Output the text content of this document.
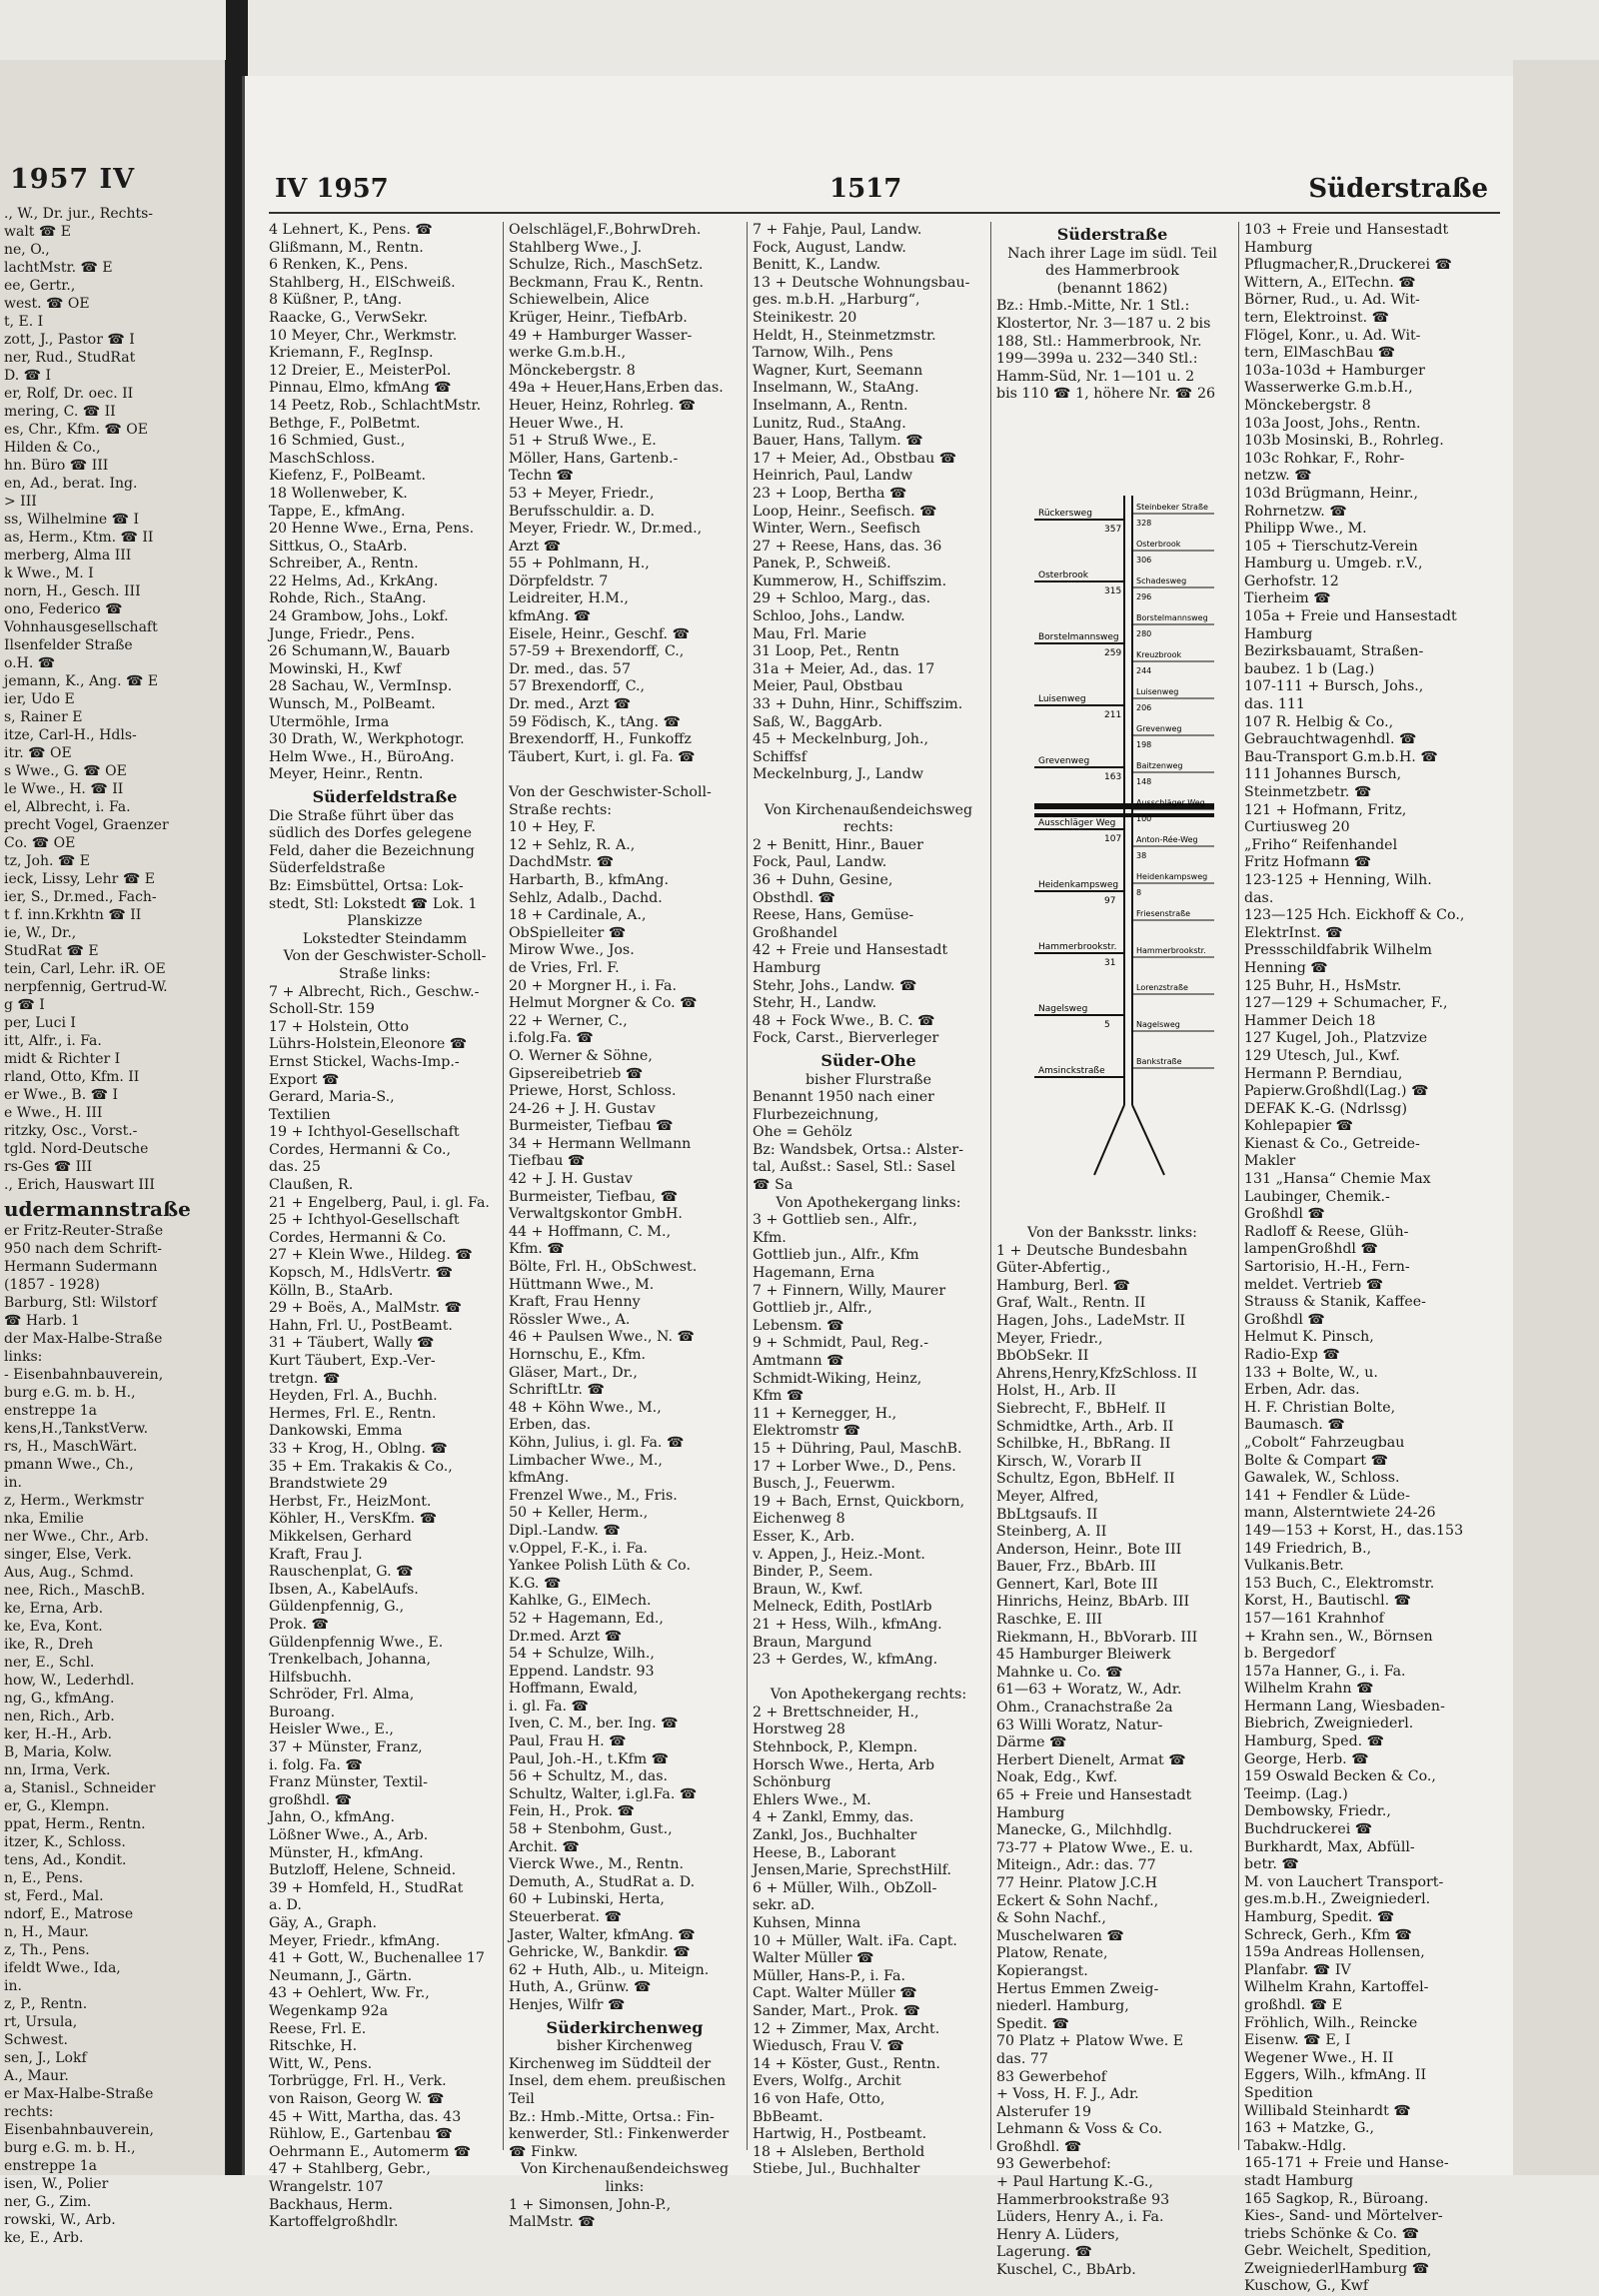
1957 IV
., W., Dr. jur., Rechts-
walt ☎ E
ne, O.,
lachtMstr. ☎ E
ee, Gertr.,
west. ☎ OE
t, E. I
zott, J., Pastor ☎ I
ner, Rud., StudRat
D. ☎ I
er, Rolf, Dr. oec. II
mering, C. ☎ II
es, Chr., Kfm. ☎ OE
Hilden & Co.,
hn. Büro ☎ III
en, Ad., berat. Ing.
> III
ss, Wilhelmine ☎ I
as, Herm., Ktm. ☎ II
merberg, Alma III
k Wwe., M. I
norn, H., Gesch. III
ono, Federico ☎
Vohnhausgesellschaft
Ilsenfelder Straße
o.H. ☎
jemann, K., Ang. ☎ E
ier, Udo E
s, Rainer E
itze, Carl-H., Hdls-
itr. ☎ OE
s Wwe., G. ☎ OE
le Wwe., H. ☎ II
el, Albrecht, i. Fa.
precht Vogel, Graenzer
Co. ☎ OE
tz, Joh. ☎ E
ieck, Lissy, Lehr ☎ E
ier, S., Dr.med., Fach-
t f. inn.Krkhtn ☎ II
ie, W., Dr.,
StudRat ☎ E
tein, Carl, Lehr. iR. OE
nerpfennig, Gertrud-W.
g ☎ I
per, Luci I
itt, Alfr., i. Fa.
midt & Richter I
rland, Otto, Kfm. II
er Wwe., B. ☎ I
e Wwe., H. III
ritzky, Osc., Vorst.-
tgld. Nord-Deutsche
rs-Ges ☎ III
., Erich, Hauswart III
udermannstraße
er Fritz-Reuter-Straße
950 nach dem Schrift-
Hermann Sudermann
(1857 - 1928)
Barburg, Stl: Wilstorf
☎ Harb. 1
der Max-Halbe-Straße
links:
- Eisenbahnbauverein,
burg e.G. m. b. H.,
enstreppe 1a
kens,H.,TankstVerw.
rs, H., MaschWärt.
pmann Wwe., Ch.,
in.
z, Herm., Werkmstr
nka, Emilie
ner Wwe., Chr., Arb.
singer, Else, Verk.
Aus, Aug., Schmd.
nee, Rich., MaschB.
ke, Erna, Arb.
ke, Eva, Kont.
ike, R., Dreh
ner, E., Schl.
how, W., Lederhdl.
ng, G., kfmAng.
nen, Rich., Arb.
ker, H.-H., Arb.
B, Maria, Kolw.
nn, Irma, Verk.
a, Stanisl., Schneider
er, G., Klempn.
ppat, Herm., Rentn.
itzer, K., Schloss.
tens, Ad., Kondit.
n, E., Pens.
st, Ferd., Mal.
ndorf, E., Matrose
n, H., Maur.
z, Th., Pens.
ifeldt Wwe., Ida,
in.
z, P., Rentn.
rt, Ursula,
Schwest.
sen, J., Lokf
A., Maur.
er Max-Halbe-Straße
rechts:
Eisenbahnbauverein,
burg e.G. m. b. H.,
enstreppe 1a
isen, W., Polier
ner, G., Zim.
rowski, W., Arb.
ke, E., Arb.
IV 1957	1517	Süderstraße
4 Lehnert, K., Pens. ☎
Glißmann, M., Rentn.
6 Renken, K., Pens.
Stahlberg, H., ElSchweiß.
8 Küßner, P., tAng.
Raacke, G., VerwSekr.
10 Meyer, Chr., Werkmstr.
Kriemann, F., RegInsp.
12 Dreier, E., MeisterPol.
Pinnau, Elmo, kfmAng ☎
14 Peetz, Rob., SchlachtMstr.
Bethge, F., PolBetmt.
16 Schmied, Gust.,
MaschSchloss.
Kiefenz, F., PolBeamt.
18 Wollenweber, K.
Tappe, E., kfmAng.
20 Henne Wwe., Erna, Pens.
Sittkus, O., StaArb.
Schreiber, A., Rentn.
22 Helms, Ad., KrkAng.
Rohde, Rich., StaAng.
24 Grambow, Johs., Lokf.
Junge, Friedr., Pens.
26 Schumann,W., Bauarb
Mowinski, H., Kwf
28 Sachau, W., VermInsp.
Wunsch, M., PolBeamt.
Utermöhle, Irma
30 Drath, W., Werkphotogr.
Helm Wwe., H., BüroAng.
Meyer, Heinr., Rentn.
Süderfeldstraße
Die Straße führt über das
südlich des Dorfes gelegene
Feld, daher die Bezeichnung
Süderfeldstraße
Bz: Eimsbüttel, Ortsa: Lok-
stedt, Stl: Lokstedt ☎ Lok. 1
Planskizze
Lokstedter Steindamm
Von der Geschwister-Scholl-
Straße links:
7 + Albrecht, Rich., Geschw.-
Scholl-Str. 159
17 + Holstein, Otto
Lührs-Holstein,Eleonore ☎
Ernst Stickel, Wachs-Imp.-
Export ☎
Gerard, Maria-S.,
Textilien
19 + Ichthyol-Gesellschaft
Cordes, Hermanni & Co.,
das. 25
Claußen, R.
21 + Engelberg, Paul, i. gl. Fa.
25 + Ichthyol-Gesellschaft
Cordes, Hermanni & Co.
27 + Klein Wwe., Hildeg. ☎
Kopsch, M., HdlsVertr. ☎
Kölln, B., StaArb.
29 + Boës, A., MalMstr. ☎
Hahn, Frl. U., PostBeamt.
31 + Täubert, Wally ☎
Kurt Täubert, Exp.-Ver-
tretgn. ☎
Heyden, Frl. A., Buchh.
Hermes, Frl. E., Rentn.
Dankowski, Emma
33 + Krog, H., Oblng. ☎
35 + Em. Trakakis & Co.,
Brandstwiete 29
Herbst, Fr., HeizMont.
Köhler, H., VersKfm. ☎
Mikkelsen, Gerhard
Kraft, Frau J.
Rauschenplat, G. ☎
Ibsen, A., KabelAufs.
Güldenpfennig, G.,
Prok. ☎
Güldenpfennig Wwe., E.
Trenkelbach, Johanna,
Hilfsbuchh.
Schröder, Frl. Alma,
Buroang.
Heisler Wwe., E.,
37 + Münster, Franz,
i. folg. Fa. ☎
Franz Münster, Textil-
großhdl. ☎
Jahn, O., kfmAng.
Lößner Wwe., A., Arb.
Münster, H., kfmAng.
Butzloff, Helene, Schneid.
39 + Homfeld, H., StudRat
a. D.
Gäy, A., Graph.
Meyer, Friedr., kfmAng.
41 + Gott, W., Buchenallee 17
Neumann, J., Gärtn.
43 + Oehlert, Ww. Fr.,
Wegenkamp 92a
Reese, Frl. E.
Ritschke, H.
Witt, W., Pens.
Torbrügge, Frl. H., Verk.
von Raison, Georg W. ☎
45 + Witt, Martha, das. 43
Rühlow, E., Gartenbau ☎
Oehrmann E., Automerm ☎
47 + Stahlberg, Gebr.,
Wrangelstr. 107
Backhaus, Herm.
Kartoffelgroßhdlr.
Oelschlägel,F.,BohrwDreh.
Stahlberg Wwe., J.
Schulze, Rich., MaschSetz.
Beckmann, Frau K., Rentn.
Schiewelbein, Alice
Krüger, Heinr., TiefbArb.
49 + Hamburger Wasser-
werke G.m.b.H.,
Mönckebergstr. 8
49a + Heuer,Hans,Erben das.
Heuer, Heinz, Rohrleg. ☎
Heuer Wwe., H.
51 + Struß Wwe., E.
Möller, Hans, Gartenb.-
Techn ☎
53 + Meyer, Friedr.,
Berufsschuldir. a. D.
Meyer, Friedr. W., Dr.med.,
Arzt ☎
55 + Pohlmann, H.,
Dörpfeldstr. 7
Leidreiter, H.M.,
kfmAng. ☎
Eisele, Heinr., Geschf. ☎
57-59 + Brexendorff, C.,
Dr. med., das. 57
57 Brexendorff, C.,
Dr. med., Arzt ☎
59 Födisch, K., tAng. ☎
Brexendorff, H., Funkoffz
Täubert, Kurt, i. gl. Fa. ☎

Von der Geschwister-Scholl-
Straße rechts:
10 + Hey, F.
12 + Sehlz, R. A.,
DachdMstr. ☎
Harbarth, B., kfmAng.
Sehlz, Adalb., Dachd.
18 + Cardinale, A.,
ObSpielleiter ☎
Mirow Wwe., Jos.
de Vries, Frl. F.
20 + Morgner H., i. Fa.
Helmut Morgner & Co. ☎
22 + Werner, C.,
i.folg.Fa. ☎
O. Werner & Söhne,
Gipsereibetrieb ☎
Priewe, Horst, Schloss.
24-26 + J. H. Gustav
Burmeister, Tiefbau ☎
34 + Hermann Wellmann
Tiefbau ☎
42 + J. H. Gustav
Burmeister, Tiefbau, ☎
Verwaltgskontor GmbH.
44 + Hoffmann, C. M.,
Kfm. ☎
Bölte, Frl. H., ObSchwest.
Hüttmann Wwe., M.
Kraft, Frau Henny
Rössler Wwe., A.
46 + Paulsen Wwe., N. ☎
Hornschu, E., Kfm.
Gläser, Mart., Dr.,
SchriftLtr. ☎
48 + Köhn Wwe., M.,
Erben, das.
Köhn, Julius, i. gl. Fa. ☎
Limbacher Wwe., M.,
kfmAng.
Frenzel Wwe., M., Fris.
50 + Keller, Herm.,
Dipl.-Landw. ☎
v.Oppel, F.-K., i. Fa.
Yankee Polish Lüth & Co.
K.G. ☎
Kahlke, G., ElMech.
52 + Hagemann, Ed.,
Dr.med. Arzt ☎
54 + Schulze, Wilh.,
Eppend. Landstr. 93
Hoffmann, Ewald,
i. gl. Fa. ☎
Iven, C. M., ber. Ing. ☎
Paul, Frau H. ☎
Paul, Joh.-H., t.Kfm ☎
56 + Schultz, M., das.
Schultz, Walter, i.gl.Fa. ☎
Fein, H., Prok. ☎
58 + Stenbohm, Gust.,
Archit. ☎
Vierck Wwe., M., Rentn.
Demuth, A., StudRat a. D.
60 + Lubinski, Herta,
Steuerberat. ☎
Jaster, Walter, kfmAng. ☎
Gehricke, W., Bankdir. ☎
62 + Huth, Alb., u. Miteign.
Huth, A., Grünw. ☎
Henjes, Wilfr ☎
Süderkirchenweg
bisher Kirchenweg
Kirchenweg im Süddteil der
Insel, dem ehem. preußischen
Teil
Bz.: Hmb.-Mitte, Ortsa.: Fin-
kenwerder, Stl.: Finkenwerder
☎ Finkw.
Von Kirchenaußendeichsweg
links:
1 + Simonsen, John-P.,
MalMstr. ☎
7 + Fahje, Paul, Landw.
Fock, August, Landw.
Benitt, K., Landw.
13 + Deutsche Wohnungsbau-
ges. m.b.H. „Harburg“,
Steinikestr. 20
Heldt, H., Steinmetzmstr.
Tarnow, Wilh., Pens
Wagner, Kurt, Seemann
Inselmann, W., StaAng.
Inselmann, A., Rentn.
Lunitz, Rud., StaAng.
Bauer, Hans, Tallym. ☎
17 + Meier, Ad., Obstbau ☎
Heinrich, Paul, Landw
23 + Loop, Bertha ☎
Loop, Heinr., Seefisch. ☎
Winter, Wern., Seefisch
27 + Reese, Hans, das. 36
Panek, P., Schweiß.
Kummerow, H., Schiffszim.
29 + Schloo, Marg., das.
Schloo, Johs., Landw.
Mau, Frl. Marie
31 Loop, Pet., Rentn
31a + Meier, Ad., das. 17
Meier, Paul, Obstbau
33 + Duhn, Hinr., Schiffszim.
Saß, W., BaggArb.
45 + Meckelnburg, Joh.,
Schiffsf
Meckelnburg, J., Landw

Von Kirchenaußendeichsweg
rechts:
2 + Benitt, Hinr., Bauer
Fock, Paul, Landw.
36 + Duhn, Gesine,
Obsthdl. ☎
Reese, Hans, Gemüse-
Großhandel
42 + Freie und Hansestadt
Hamburg
Stehr, Johs., Landw. ☎
Stehr, H., Landw.
48 + Fock Wwe., B. C. ☎
Fock, Carst., Bierverleger
Süder-Ohe
bisher Flurstraße
Benannt 1950 nach einer
Flurbezeichnung,
Ohe = Gehölz
Bz: Wandsbek, Ortsa.: Alster-
tal, Außst.: Sasel, Stl.: Sasel
☎ Sa
Von Apothekergang links:
3 + Gottlieb sen., Alfr.,
Kfm.
Gottlieb jun., Alfr., Kfm
Hagemann, Erna
7 + Finnern, Willy, Maurer
Gottlieb jr., Alfr.,
Lebensm. ☎
9 + Schmidt, Paul, Reg.-
Amtmann ☎
Schmidt-Wiking, Heinz,
Kfm ☎
11 + Kernegger, H.,
Elektromstr ☎
15 + Dühring, Paul, MaschB.
17 + Lorber Wwe., D., Pens.
Busch, J., Feuerwm.
19 + Bach, Ernst, Quickborn,
Eichenweg 8
Esser, K., Arb.
v. Appen, J., Heiz.-Mont.
Binder, P., Seem.
Braun, W., Kwf.
Melneck, Edith, PostlArb
21 + Hess, Wilh., kfmAng.
Braun, Margund
23 + Gerdes, W., kfmAng.

Von Apothekergang rechts:
2 + Brettschneider, H.,
Horstweg 28
Stehnbock, P., Klempn.
Horsch Wwe., Herta, Arb
Schönburg
Ehlers Wwe., M.
4 + Zankl, Emmy, das.
Zankl, Jos., Buchhalter
Heese, B., Laborant
Jensen,Marie, SprechstHilf.
6 + Müller, Wilh., ObZoll-
sekr. aD.
Kuhsen, Minna
10 + Müller, Walt. iFa. Capt.
Walter Müller ☎
Müller, Hans-P., i. Fa.
Capt. Walter Müller ☎
Sander, Mart., Prok. ☎
12 + Zimmer, Max, Archt.
Wiedusch, Frau V. ☎
14 + Köster, Gust., Rentn.
Evers, Wolfg., Archit
16 von Hafe, Otto,
BbBeamt.
Hartwig, H., Postbeamt.
18 + Alsleben, Berthold
Stiebe, Jul., Buchhalter
Süderstraße
Nach ihrer Lage im südl. Teil
des Hammerbrook
(benannt 1862)
Bz.: Hmb.-Mitte, Nr. 1 Stl.:
Klostertor, Nr. 3—187 u. 2 bis
188, Stl.: Hammerbrook, Nr.
199—399a u. 232—340 Stl.:
Hamm-Süd, Nr. 1—101 u. 2
bis 110 ☎ 1, höhere Nr. ☎ 26
Von der Banksstr. links:
1 + Deutsche Bundesbahn
Güter-Abfertig.,
Hamburg, Berl. ☎
Graf, Walt., Rentn. II
Hagen, Johs., LadeMstr. II
Meyer, Friedr.,
BbObSekr. II
Ahrens,Henry,KfzSchloss. II
Holst, H., Arb. II
Siebrecht, F., BbHelf. II
Schmidtke, Arth., Arb. II
Schilbke, H., BbRang. II
Kirsch, W., Vorarb II
Schultz, Egon, BbHelf. II
Meyer, Alfred,
BbLtgsaufs. II
Steinberg, A. II
Anderson, Heinr., Bote III
Bauer, Frz., BbArb. III
Gennert, Karl, Bote III
Hinrichs, Heinz, BbArb. III
Raschke, E. III
Riekmann, H., BbVorarb. III
45 Hamburger Bleiwerk
Mahnke u. Co. ☎
61—63 + Woratz, W., Adr.
Ohm., Cranachstraße 2a
63 Willi Woratz, Natur-
Därme ☎
Herbert Dienelt, Armat ☎
Noak, Edg., Kwf.
65 + Freie und Hansestadt
Hamburg
Manecke, G., Milchhdlg.
73-77 + Platow Wwe., E. u.
Miteign., Adr.: das. 77
77 Heinr. Platow J.C.H
Eckert & Sohn Nachf.,
& Sohn Nachf.,
Muschelwaren ☎
Platow, Renate,
Kopierangst.
Hertus Emmen Zweig-
niederl. Hamburg,
Spedit. ☎
70 Platz + Platow Wwe. E
das. 77
83 Gewerbehof
+ Voss, H. F. J., Adr.
Alsterufer 19
Lehmann & Voss & Co.
Großhdl. ☎
93 Gewerbehof:
+ Paul Hartung K.-G.,
Hammerbrookstraße 93
Lüders, Henry A., i. Fa.
Henry A. Lüders,
Lagerung. ☎
Kuschel, C., BbArb.
103 + Freie und Hansestadt
Hamburg
Pflugmacher,R.,Druckerei ☎
Wittern, A., ElTechn. ☎
Börner, Rud., u. Ad. Wit-
tern, Elektroinst. ☎
Flögel, Konr., u. Ad. Wit-
tern, ElMaschBau ☎
103a-103d + Hamburger
Wasserwerke G.m.b.H.,
Mönckebergstr. 8
103a Joost, Johs., Rentn.
103b Mosinski, B., Rohrleg.
103c Rohkar, F., Rohr-
netzw. ☎
103d Brügmann, Heinr.,
Rohrnetzw. ☎
Philipp Wwe., M.
105 + Tierschutz-Verein
Hamburg u. Umgeb. r.V.,
Gerhofstr. 12
Tierheim ☎
105a + Freie und Hansestadt
Hamburg
Bezirksbauamt, Straßen-
baubez. 1 b (Lag.)
107-111 + Bursch, Johs.,
das. 111
107 R. Helbig & Co.,
Gebrauchtwagenhdl. ☎
Bau-Transport G.m.b.H. ☎
111 Johannes Bursch,
Steinmetzbetr. ☎
121 + Hofmann, Fritz,
Curtiusweg 20
„Friho“ Reifenhandel
Fritz Hofmann ☎
123-125 + Henning, Wilh.
das.
123—125 Hch. Eickhoff & Co.,
ElektrInst. ☎
Pressschildfabrik Wilhelm
Henning ☎
125 Buhr, H., HsMstr.
127—129 + Schumacher, F.,
Hammer Deich 18
127 Kugel, Joh., Platzvize
129 Utesch, Jul., Kwf.
Hermann P. Berndiau,
Papierw.Großhdl(Lag.) ☎
DEFAK K.-G. (Ndrlssg)
Kohlepapier ☎
Kienast & Co., Getreide-
Makler
131 „Hansa“ Chemie Max
Laubinger, Chemik.-
Großhdl ☎
Radloff & Reese, Glüh-
lampenGroßhdl ☎
Sartorisio, H.-H., Fern-
meldet. Vertrieb ☎
Strauss & Stanik, Kaffee-
Großhdl ☎
Helmut K. Pinsch,
Radio-Exp ☎
133 + Bolte, W., u.
Erben, Adr. das.
H. F. Christian Bolte,
Baumasch. ☎
„Cobolt“ Fahrzeugbau
Bolte & Compart ☎
Gawalek, W., Schloss.
141 + Fendler & Lüde-
mann, Alsterntwiete 24-26
149—153 + Korst, H., das.153
149 Friedrich, B.,
Vulkanis.Betr.
153 Buch, C., Elektromstr.
Korst, H., Bautischl. ☎
157—161 Krahnhof
+ Krahn sen., W., Börnsen
b. Bergedorf
157a Hanner, G., i. Fa.
Wilhelm Krahn ☎
Hermann Lang, Wiesbaden-
Biebrich, Zweigniederl.
Hamburg, Sped. ☎
George, Herb. ☎
159 Oswald Becken & Co.,
Teeimp. (Lag.)
Dembowsky, Friedr.,
Buchdruckerei ☎
Burkhardt, Max, Abfüll-
betr. ☎
M. von Lauchert Transport-
ges.m.b.H., Zweigniederl.
Hamburg, Spedit. ☎
Schreck, Gerh., Kfm ☎
159a Andreas Hollensen,
Planfabr. ☎ IV
Wilhelm Krahn, Kartoffel-
großhdl. ☎ E
Fröhlich, Wilh., Reincke
Eisenw. ☎ E, I
Wegener Wwe., H. II
Eggers, Wilh., kfmAng. II
Spedition
Willibald Steinhardt ☎
163 + Matzke, G.,
Tabakw.-Hdlg.
165-171 + Freie und Hanse-
stadt Hamburg
165 Sagkop, R., Büroang.
Kies-, Sand- und Mörtelver-
triebs Schönke & Co. ☎
Gebr. Weichelt, Spedition,
ZweigniederlHamburg ☎
Kuschow, G., Kwf
Rückersweg
357
Osterbrook
315
Borstelmannsweg
259
Luisenweg
211
Grevenweg
163
Ausschläger Weg
107
Heidenkampsweg
97
Hammerbrookstr.
31
Nagelsweg
5
Amsinckstraße
Steinbeker Straße
328
Osterbrook
306
Schadesweg
296
Borstelmannsweg
280
Kreuzbrook
244
Luisenweg
206
Grevenweg
198
Baitzenweg
148
Ausschläger Weg
100
Anton-Rée-Weg
38
Heidenkampsweg
8
Friesenstraße
Hammerbrookstr.
Lorenzstraße
Nagelsweg
Bankstraße
